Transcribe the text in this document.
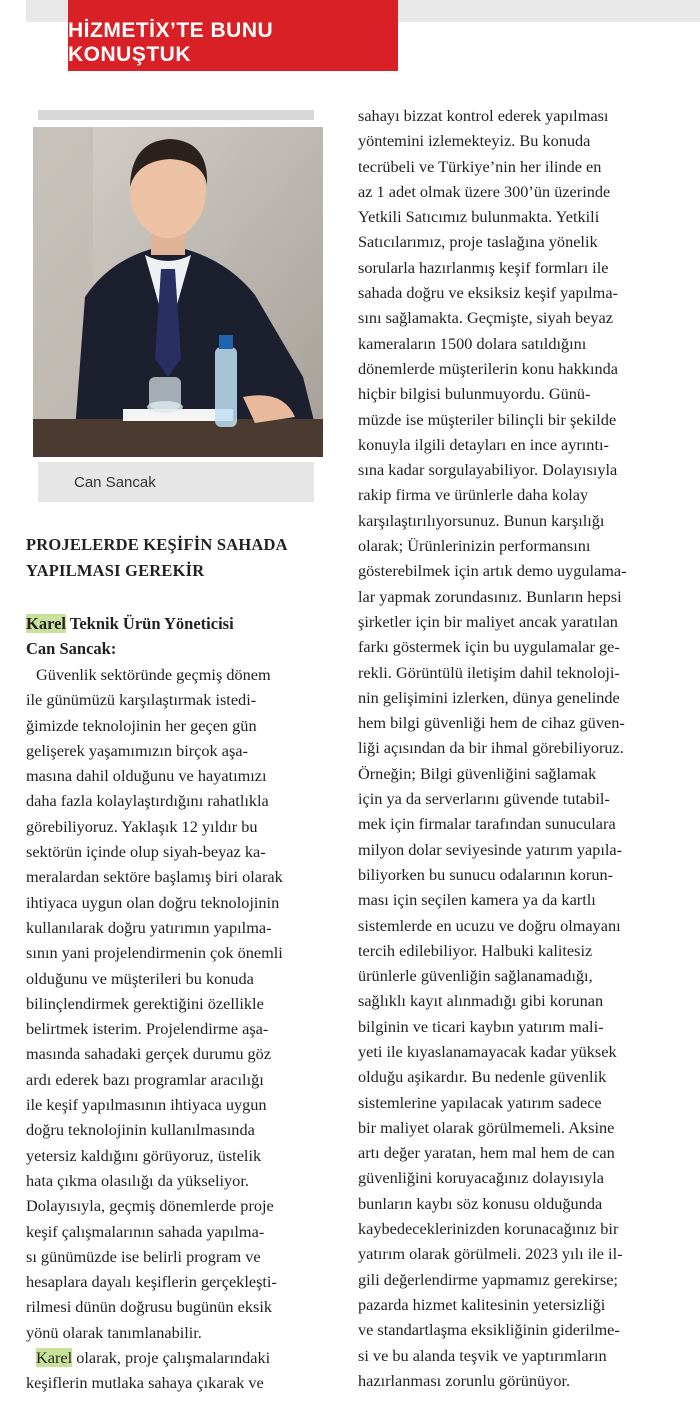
HİZMETİX’TE BUNU KONUŞTUK
Can Sancak
PROJELERDE KEŞİFİN SAHADA
YAPILMASI GEREKİR
Karel Teknik Ürün Yöneticisi
Can Sancak:
Güvenlik sektöründe geçmiş dönem
ile günümüzü karşılaştırmak istedi-
ğimizde teknolojinin her geçen gün
gelişerek yaşamımızın birçok aşa-
masına dahil olduğunu ve hayatımızı
daha fazla kolaylaştırdığını rahatlıkla
görebiliyoruz. Yaklaşık 12 yıldır bu
sektörün içinde olup siyah-beyaz ka-
meralardan sektöre başlamış biri olarak
ihtiyaca uygun olan doğru teknolojinin
kullanılarak doğru yatırımın yapılma-
sının yani projelendirmenin çok önemli
olduğunu ve müşterileri bu konuda
bilinçlendirmek gerektiğini özellikle
belirtmek isterim. Projelendirme aşa-
masında sahadaki gerçek durumu göz
ardı ederek bazı programlar aracılığı
ile keşif yapılmasının ihtiyaca uygun
doğru teknolojinin kullanılmasında
yetersiz kaldığını görüyoruz, üstelik
hata çıkma olasılığı da yükseliyor.
Dolayısıyla, geçmiş dönemlerde proje
keşif çalışmalarının sahada yapılma-
sı günümüzde ise belirli program ve
hesaplara dayalı keşiflerin gerçekleşti-
rilmesi dünün doğrusu bugünün eksik
yönü olarak tanımlanabilir.
Karel olarak, proje çalışmalarındaki
keşiflerin mutlaka sahaya çıkarak ve
sahayı bizzat kontrol ederek yapılması
yöntemini izlemekteyiz. Bu konuda
tecrübeli ve Türkiye’nin her ilinde en
az 1 adet olmak üzere 300’ün üzerinde
Yetkili Satıcımız bulunmakta. Yetkili
Satıcılarımız, proje taslağına yönelik
sorularla hazırlanmış keşif formları ile
sahada doğru ve eksiksiz keşif yapılma-
sını sağlamakta. Geçmişte, siyah beyaz
kameraların 1500 dolara satıldığını
dönemlerde müşterilerin konu hakkında
hiçbir bilgisi bulunmuyordu. Günü-
müzde ise müşteriler bilinçli bir şekilde
konuyla ilgili detayları en ince ayrıntı-
sına kadar sorgulayabiliyor. Dolayısıyla
rakip firma ve ürünlerle daha kolay
karşılaştırılıyorsunuz. Bunun karşılığı
olarak; Ürünlerinizin performansını
gösterebilmek için artık demo uygulama-
lar yapmak zorundasınız. Bunların hepsi
şirketler için bir maliyet ancak yaratılan
farkı göstermek için bu uygulamalar ge-
rekli. Görüntülü iletişim dahil teknoloji-
nin gelişimini izlerken, dünya genelinde
hem bilgi güvenliği hem de cihaz güven-
liği açısından da bir ihmal görebiliyoruz.
Örneğin; Bilgi güvenliğini sağlamak
için ya da serverlarını güvende tutabil-
mek için firmalar tarafından sunuculara
milyon dolar seviyesinde yatırım yapıla-
biliyorken bu sunucu odalarının korun-
ması için seçilen kamera ya da kartlı
sistemlerde en ucuzu ve doğru olmayanı
tercih edilebiliyor. Halbuki kalitesiz
ürünlerle güvenliğin sağlanamadığı,
sağlıklı kayıt alınmadığı gibi korunan
bilginin ve ticari kaybın yatırım mali-
yeti ile kıyaslanamayacak kadar yüksek
olduğu aşikardır. Bu nedenle güvenlik
sistemlerine yapılacak yatırım sadece
bir maliyet olarak görülmemeli. Aksine
artı değer yaratan, hem mal hem de can
güvenliğini koruyacağınız dolayısıyla
bunların kaybı söz konusu olduğunda
kaybedeceklerinizden korunacağınız bir
yatırım olarak görülmeli. 2023 yılı ile il-
gili değerlendirme yapmamız gerekirse;
pazarda hizmet kalitesinin yetersizliği
ve standartlaşma eksikliğinin giderilme-
si ve bu alanda teşvik ve yaptırımların
hazırlanması zorunlu görünüyor.
